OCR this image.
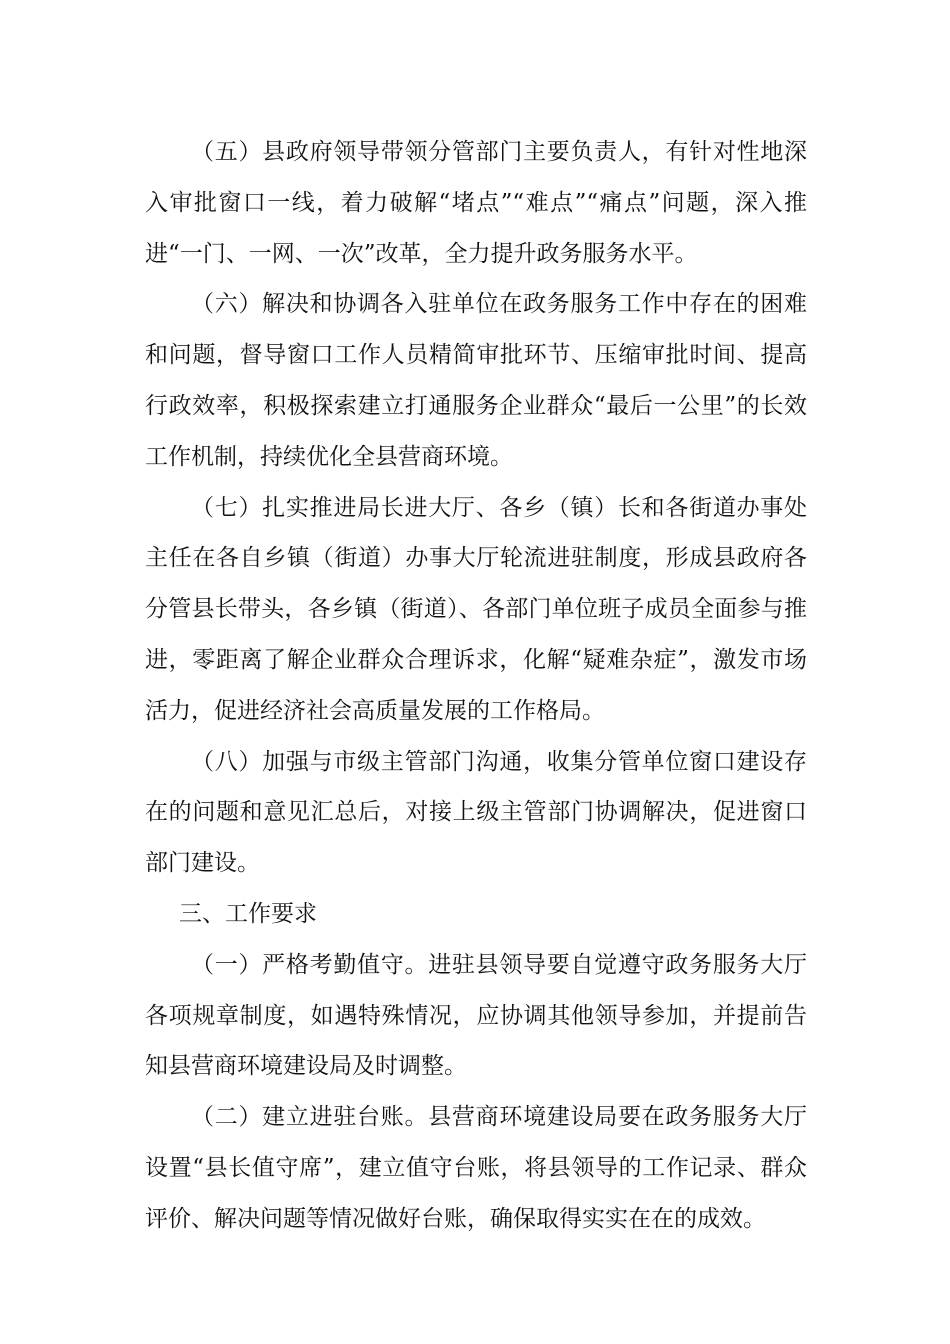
（五）县政府领导带领分管部门主要负责人，有针对性地深入审批窗口一线，着力破解“堵点”“难点”“痛点”问题，深入推进“一门、一网、一次”改革，全力提升政务服务水平。

（六）解决和协调各入驻单位在政务服务工作中存在的困难和问题，督导窗口工作人员精简审批环节、压缩审批时间、提高行政效率，积极探索建立打通服务企业群众“最后一公里”的长效工作机制，持续优化全县营商环境。

（七）扎实推进局长进大厅、各乡（镇）长和各街道办事处主任在各自乡镇（街道）办事大厅轮流进驻制度，形成县政府各分管县长带头，各乡镇（街道）、各部门单位班子成员全面参与推进，零距离了解企业群众合理诉求，化解“疑难杂症”，激发市场活力，促进经济社会高质量发展的工作格局。

（八）加强与市级主管部门沟通，收集分管单位窗口建设存在的问题和意见汇总后，对接上级主管部门协调解决，促进窗口部门建设。

三、工作要求

（一）严格考勤值守。进驻县领导要自觉遵守政务服务大厅各项规章制度，如遇特殊情况，应协调其他领导参加，并提前告知县营商环境建设局及时调整。

（二）建立进驻台账。县营商环境建设局要在政务服务大厅设置“县长值守席”，建立值守台账，将县领导的工作记录、群众评价、解决问题等情况做好台账，确保取得实实在在的成效。
